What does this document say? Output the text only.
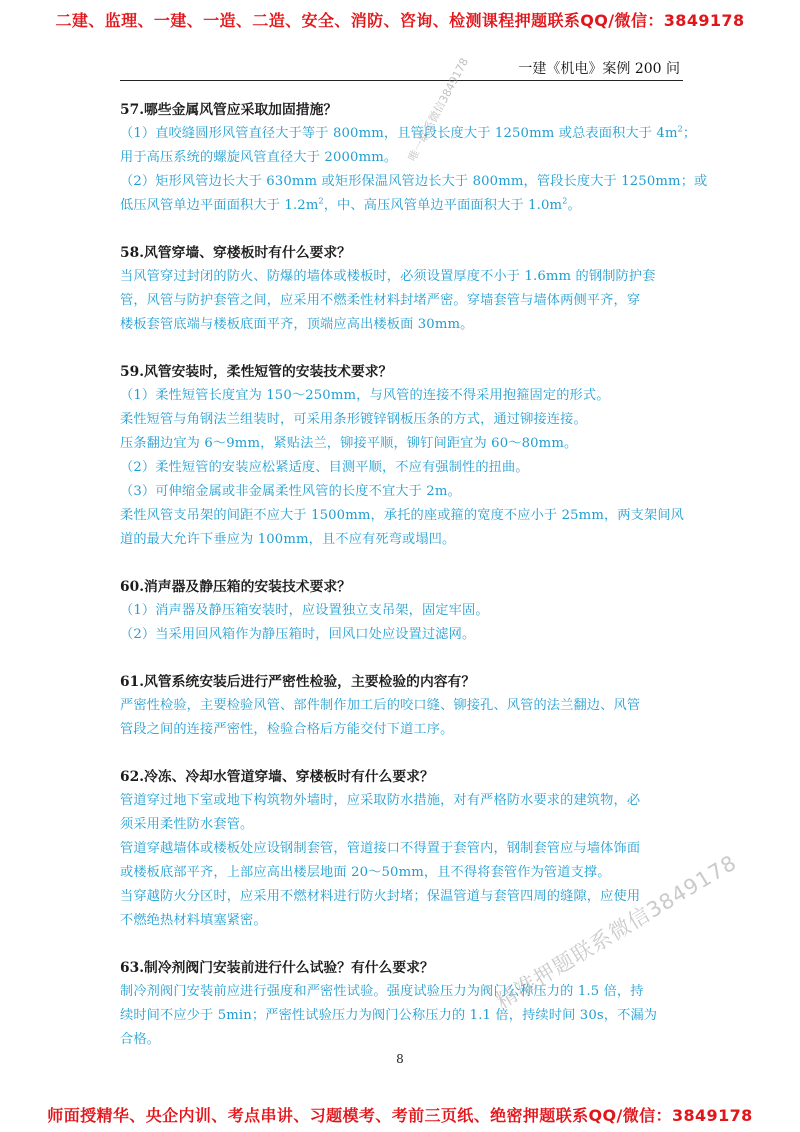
二建、监理、一建、一造、二造、安全、消防、咨询、检测课程押题联系QQ/微信：3849178
一建《机电》案例 200 问

57.哪些金属风管应采取加固措施？

（1）直咬缝圆形风管直径大于等于 800mm，且管段长度大于 1250mm 或总表面积大于 $4m^2$；

用于高压系统的螺旋风管直径大于 2000mm。

（2）矩形风管边长大于 630mm 或矩形保温风管边长大于 800mm，管段长度大于 1250mm；或

低压风管单边平面面积大于 $1.2m^2$，中、高压风管单边平面面积大于 $1.0m^2$。

58.风管穿墙、穿楼板时有什么要求？

当风管穿过封闭的防火、防爆的墙体或楼板时，必须设置厚度不小于 1.6mm 的钢制防护套

管，风管与防护套管之间，应采用不燃柔性材料封堵严密。穿墙套管与墙体两侧平齐，穿

楼板套管底端与楼板底面平齐，顶端应高出楼板面 30mm。

59.风管安装时，柔性短管的安装技术要求？

（1）柔性短管长度宜为 150～250mm，与风管的连接不得采用抱箍固定的形式。

柔性短管与角钢法兰组装时，可采用条形镀锌钢板压条的方式，通过铆接连接。

压条翻边宜为 6～9mm，紧贴法兰，铆接平顺，铆钉间距宜为 60～80mm。

（2）柔性短管的安装应松紧适度、目测平顺，不应有强制性的扭曲。

（3）可伸缩金属或非金属柔性风管的长度不宜大于 2m。

柔性风管支吊架的间距不应大于 1500mm，承托的座或箍的宽度不应小于 25mm，两支架间风

道的最大允许下垂应为 100mm，且不应有死弯或塌凹。

60.消声器及静压箱的安装技术要求？

（1）消声器及静压箱安装时，应设置独立支吊架，固定牢固。

（2）当采用回风箱作为静压箱时，回风口处应设置过滤网。

61.风管系统安装后进行严密性检验，主要检验的内容有？

严密性检验，主要检验风管、部件制作加工后的咬口缝、铆接孔、风管的法兰翻边、风管

管段之间的连接严密性，检验合格后方能交付下道工序。

62.冷冻、冷却水管道穿墙、穿楼板时有什么要求？

管道穿过地下室或地下构筑物外墙时，应采取防水措施，对有严格防水要求的建筑物，必

须采用柔性防水套管。

管道穿越墙体或楼板处应设钢制套管，管道接口不得置于套管内，钢制套管应与墙体饰面

或楼板底部平齐，上部应高出楼层地面 20～50mm，且不得将套管作为管道支撑。

当穿越防火分区时，应采用不燃材料进行防火封堵；保温管道与套管四周的缝隙，应使用

不燃绝热材料填塞紧密。

63.制冷剂阀门安装前进行什么试验？有什么要求？

制冷剂阀门安装前应进行强度和严密性试验。强度试验压力为阀门公称压力的 1.5 倍，持

续时间不应少于 5min；严密性试验压力为阀门公称压力的 1.1 倍，持续时间 30s，不漏为

合格。

8
师面授精华、央企内训、考点串讲、习题模考、考前三页纸、绝密押题联系QQ/微信：3849178
唯一联系微信3849178
精准押题联系微信3849178
